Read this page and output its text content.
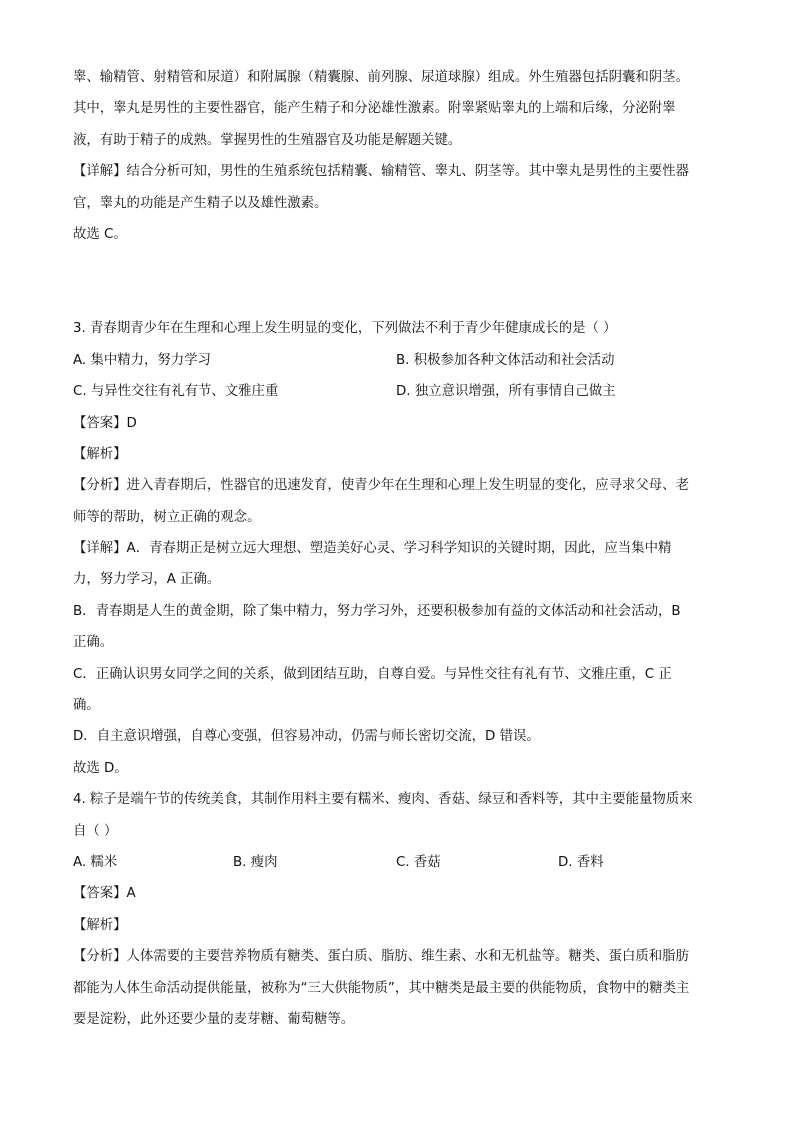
睾、输精管、射精管和尿道）和附属腺（精囊腺、前列腺、尿道球腺）组成。外生殖器包括阴囊和阴茎。
其中，睾丸是男性的主要性器官，能产生精子和分泌雄性激素。附睾紧贴睾丸的上端和后缘，分泌附睾
液，有助于精子的成熟。掌握男性的生殖器官及功能是解题关键。
【详解】结合分析可知，男性的生殖系统包括精囊、输精管、睾丸、阴茎等。其中睾丸是男性的主要性器
官，睾丸的功能是产生精子以及雄性激素。
故选 C。
3. 青春期青少年在生理和心理上发生明显的变化，下列做法不利于青少年健康成长的是（ ）
A. 集中精力，努力学习	B. 积极参加各种文体活动和社会活动
C. 与异性交往有礼有节、文雅庄重	D. 独立意识增强，所有事情自己做主
【答案】D
【解析】
【分析】进入青春期后，性器官的迅速发育，使青少年在生理和心理上发生明显的变化，应寻求父母、老
师等的帮助，树立正确的观念。
【详解】A．青春期正是树立远大理想、塑造美好心灵、学习科学知识的关键时期，因此，应当集中精
力，努力学习，A 正确。
B．青春期是人生的黄金期，除了集中精力，努力学习外，还要积极参加有益的文体活动和社会活动，B
正确。
C．正确认识男女同学之间的关系，做到团结互助，自尊自爱。与异性交往有礼有节、文雅庄重，C 正
确。
D．自主意识增强，自尊心变强，但容易冲动，仍需与师长密切交流，D 错误。
故选 D。
4. 粽子是端午节的传统美食，其制作用料主要有糯米、瘦肉、香菇、绿豆和香料等，其中主要能量物质来
自（ ）
A. 糯米	B. 瘦肉	C. 香菇	D. 香料
【答案】A
【解析】
【分析】人体需要的主要营养物质有糖类、蛋白质、脂肪、维生素、水和无机盐等。糖类、蛋白质和脂肪
都能为人体生命活动提供能量，被称为“三大供能物质”，其中糖类是最主要的供能物质，食物中的糖类主
要是淀粉，此外还要少量的麦芽糖、葡萄糖等。
